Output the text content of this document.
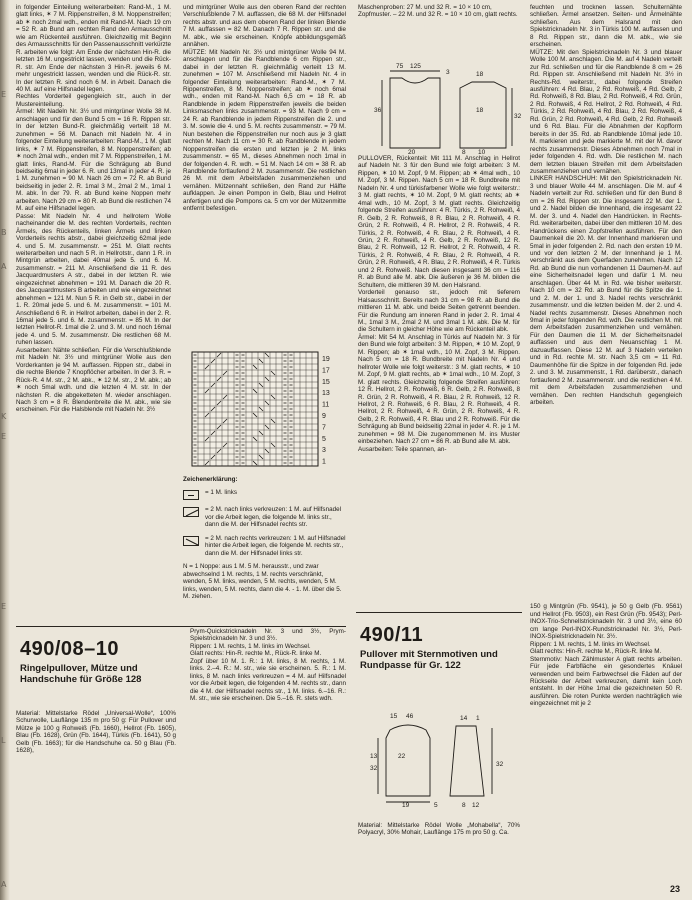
E
B
A
K
E
E
L
A

in folgender Einteilung weiterarbeiten: Rand-M., 1 M. glatt links, ✶ 7 M. Rippenstreifen, 8 M. Noppenstreifen; ab ✶ noch 2mal wdh., enden mit Rand-M. Nach 19 cm = 52 R. ab Bund am rechten Rand den Armausschnitt wie am Rückenteil ausführen. Gleichzeitig mit Beginn des Armausschnitts für den Passenausschnitt verkürzte R. arbeiten wie folgt: Am Ende der nächsten Hin-R. die letzten 16 M. ungestrickt lassen, wenden und die Rück-R. str. Am Ende der nächsten 3 Hin-R. jeweils 6 M. mehr ungestrickt lassen, wenden und die Rück-R. str. In der letzten R. sind noch 6 M. in Arbeit. Danach die 40 M. auf eine Hilfsnadel legen.

Rechtes Vorderteil gegengleich str., auch in der Mustereinteilung.

Ärmel: Mit Nadeln Nr. 3½ und mintgrüner Wolle 38 M. anschlagen und für den Bund 5 cm = 16 R. Rippen str. In der letzten Bund-R. gleichmäßig verteilt 18 M. zunehmen = 56 M. Danach mit Nadeln Nr. 4 in folgender Einteilung weiterarbeiten: Rand-M., 1 M. glatt links, ✶ 7 M. Rippenstreifen, 8 M. Noppenstreifen; ab ✶ noch 2mal wdh., enden mit 7 M. Rippenstreifen, 1 M. glatt links, Rand-M. Für die Schrägung ab Bund beidseitig 6mal in jeder 6. R. und 13mal in jeder 4. R. je 1 M. zunehmen = 90 M. Nach 26 cm = 72 R. ab Bund beidseitig in jeder 2. R. 1mal 3 M., 2mal 2 M., 1mal 1 M. abk. In der 79. R. ab Bund keine Noppen mehr arbeiten. Nach 29 cm = 80 R. ab Bund die restlichen 74 M. auf eine Hilfsnadel legen.

Passe: Mit Nadeln Nr. 4 und hellrotem Wolle nacheinander die M. des rechten Vorderteils, rechten Ärmels, des Rückenteils, linken Ärmels und linken Vorderteils rechts abstr., dabei gleichzeitig 62mal jede 4. und 5. M. zusammenstr. = 251 M. Glatt rechts weiterarbeiten und nach 5 R. in Hellrotstr., dann 1 R. in Mintgrün arbeiten, dabei 40mal jede 5. und 6. M. zusammenstr. = 211 M. Anschließend die 11 R. des Jacquardmusters A str., dabei in der letzten R. wie eingezeichnet abnehmen = 191 M. Danach die 20 R. des Jacquardmusters B arbeiten und wie eingezeichnet abnehmen = 121 M. Nun 5 R. in Gelb str., dabei in der 1. R. 20mal jede 5. und 6. M. zusammenstr. = 101 M. Anschließend 6 R. in Hellrot arbeiten, dabei in der 2. R. 16mal jede 5. und 6. M. zusammenstr. = 85 M. In der letzten Hellrot-R. 1mal die 2. und 3. M. und noch 16mal jede 4. und 5. M. zusammenstr. Die restlichen 68 M. ruhen lassen.

Ausarbeiten: Nähte schließen. Für die Verschlußblende mit Nadeln Nr. 3½ und mintgrüner Wolle aus den Vorderkanten je 94 M. auffassen. Rippen str., dabei in die rechte Blende 7 Knopflöcher arbeiten. In der 3. R. = Rück-R. 4 M. str., 2 M. abk., ✶ 12 M. str., 2 M. abk.; ab ✶ noch 5mal wdh. und die letzten 4 M. str. In der nächsten R. die abgeketteten M. wieder anschlagen. Nach 3 cm = 8 R. Blendenbreite die M. abk., wie sie erscheinen. Für die Halsblende mit Nadeln Nr. 3½

und mintgrüner Wolle aus den oberen Rand der rechten Verschlußblende 7 M. auffassen, die 68 M. der Hilfsnadel rechts abstr. und aus dem oberen Rand der linken Blende 7 M. auffassen = 82 M. Danach 7 R. Rippen str. und die M. abk., wie sie erscheinen. Knöpfe abbildungsgemäß annähen.

MÜTZE: Mit Nadeln Nr. 3½ und mintgrüner Wolle 94 M. anschlagen und für die Randblende 6 cm Rippen str., dabei in der letzten R. gleichmäßig verteilt 13 M. zunehmen = 107 M. Anschließend mit Nadeln Nr. 4 in folgender Einteilung weiterarbeiten: Rand-M., ✶ 7 M. Rippenstreifen, 8 M. Noppenstreifen; ab ✶ noch 6mal wdh., enden mit Rand-M. Nach 6,5 cm = 18 R. ab Randblende in jedem Rippenstreifen jeweils die beiden Linksmaschen links zusammenstr. = 93 M. Nach 9 cm = 24 R. ab Randblende in jedem Rippenstreifen die 2. und 3. M. sowie die 4. und 5. M. rechts zusammenstr. = 79 M. Nun bestehen die Rippenstreifen nur noch aus je 3 glatt rechten M. Nach 11 cm = 30 R. ab Randblende in jedem Noppenstreifen die ersten und letzten je 2 M. links zusammenstr. = 65 M., dieses Abnehmen noch 1mal in der folgenden 4. R. wdh. = 51 M. Nach 14 cm = 38 R. ab Randblende fortlaufend 2 M. zusammenstr. Die restlichen 26 M. mit dem Arbeitsfaden zusammenziehen und vernähen. Mützennaht schließen, den Rand zur Hälfte aufklappen. Je einen Pompon in Gelb, Blau und Hellrot anfertigen und die Pompons ca. 5 cm vor der Mützenmitte entfernt befestigen.

19
17
15
13
11
9
7
5
3
1
Zeichenerklärung:
= 1 M. links
= 2 M. nach links verkreuzen: 1 M. auf Hilfsnadel vor die Arbeit legen, die folgende M. links str., dann die M. der Hilfsnadel rechts str.
= 2 M. nach rechts verkreuzen: 1 M. auf Hilfsnadel hinter die Arbeit legen, die folgende M. rechts str., dann die M. der Hilfsnadel links str.
N = 1 Noppe: aus 1 M. 5 M. herausstr., und zwar abwechselnd 1 M. rechts, 1 M. rechts verschränkt, wenden, 5 M. links, wenden, 5 M. rechts, wenden, 5 M. links, wenden, 5 M. rechts, dann die 4. - 1. M. über die 5. M. ziehen.
Maschenproben: 27 M. und 32 R. = 10 × 10 cm, Zopfmuster. – 22 M. und 32 R. = 10 × 10 cm, glatt rechts.
75 125
36
3	18
32
20	8 10
18

PULLOVER, Rückenteil: Mit 111 M. Anschlag in Hellrot auf Nadeln Nr. 3 für den Bund wie folgt arbeiten: 3 M. Rippen, ✶ 10 M. Zopf, 9 M. Rippen; ab ✶ 4mal wdh., 10 M. Zopf, 3 M. Rippen. Nach 5 cm = 18 R. Bundbreite mit Nadeln Nr. 4 und türkisfarbener Wolle wie folgt weiterstr.: 3 M. glatt rechts, ✶ 10 M. Zopf, 9 M. glatt rechts; ab ✶ 4mal wdh., 10 M. Zopf, 3 M. glatt rechts. Gleichzeitig folgende Streifen ausführen: 4 R. Türkis, 2 R. Rohweiß, 4 R. Gelb, 2 R. Rohweiß, 8 R. Blau, 2 R. Rohweiß, 4 R. Grün, 2 R. Rohweiß, 4 R. Hellrot, 2 R. Rohweiß, 4 R. Türkis, 2 R. Rohweiß, 4 R. Blau, 2 R. Rohweiß, 4 R. Grün, 2 R. Rohweiß, 4 R. Gelb, 2 R. Rohweiß, 12 R. Blau, 2 R. Rohweiß, 12 R. Hellrot, 2 R. Rohweiß, 4 R. Türkis, 2 R. Rohweiß, 4 R. Blau, 2 R. Rohweiß, 4 R. Grün, 2 R. Rohweiß, 4 R. Blau, 2 R. Rohweiß, 4 R. Türkis und 2 R. Rohweiß. Nach diesen insgesamt 36 cm = 116 R. ab Bund alle M. abk. Die äußeren je 36 M. bilden die Schultern, die mittleren 39 M. den Halsrand.

Vorderteil genauso str., jedoch mit tieferem Halsausschnitt. Bereits nach 31 cm = 98 R. ab Bund die mittleren 11 M. abk. und beide Seiten getrennt beenden. Für die Rundung am inneren Rand in jeder 2. R. 1mal 4 M., 1mal 3 M., 2mal 2 M. und 3mal 1 M. abk. Die M. für die Schultern in gleicher Höhe wie am Rückenteil abk.

Ärmel: Mit 54 M. Anschlag in Türkis auf Nadeln Nr. 3 für den Bund wie folgt arbeiten: 3 M. Rippen, ✶ 10 M. Zopf, 9 M. Rippen; ab ✶ 1mal wdh., 10 M. Zopf, 3 M. Rippen. Nach 5 cm = 18 R. Bundbreite mit Nadeln Nr. 4 und hellroter Wolle wie folgt weiterstr.: 3 M. glatt rechts, ✶ 10 M. Zopf, 9 M. glatt rechts, ab ✶ 1mal wdh., 10 M. Zopf, 3 M. glatt rechts. Gleichzeitig folgende Streifen ausführen: 12 R. Hellrot, 2 R. Rohweiß, 6 R. Gelb, 2 R. Rohweiß, 8 R. Grün, 2 R. Rohweiß, 4 R. Blau, 2 R. Rohweiß, 12 R. Hellrot, 2 R. Rohweiß, 6 R. Blau, 2 R. Rohweiß, 4 R. Hellrot, 2 R. Rohweiß, 4 R. Grün, 2 R. Rohweiß, 4 R. Gelb, 2 R. Rohweiß, 4 R. Blau und 2 R. Rohweiß. Für die Schrägung ab Bund beidseitig 22mal in jeder 4. R. je 1 M. zunehmen = 98 M. Die zugenommenen M. ins Muster einbeziehen. Nach 27 cm = 86 R. ab Bund alle M. abk.

Ausarbeiten: Teile spannen, an-

feuchten und trocknen lassen. Schulternähte schließen. Ärmel ansetzen. Seiten- und Ärmelnähte schließen. Aus dem Halsrand mit den Spielstricknadeln Nr. 3 in Türkis 100 M. auffassen und 8 Rd. Rippen str., dann die M. abk., wie sie erscheinen.

MÜTZE: Mit den Spielstricknadeln Nr. 3 und blauer Wolle 100 M. anschlagen. Die M. auf 4 Nadeln verteilt zur Rd. schließen und für die Randblende 8 cm = 26 Rd. Rippen str. Anschließend mit Nadeln Nr. 3½ in Rechts-Rd. weiterstr., dabei folgende Streifen ausführen: 4 Rd. Blau, 2 Rd. Rohweiß, 4 Rd. Gelb, 2 Rd. Rohweiß, 8 Rd. Blau, 2 Rd. Rohweiß, 4 Rd. Grün, 2 Rd. Rohweiß, 4 Rd. Hellrot, 2 Rd. Rohweiß, 4 Rd. Türkis, 2 Rd. Rohweiß, 4 Rd. Blau, 2 Rd. Rohweiß, 4 Rd. Grün, 2 Rd. Rohweiß, 4 Rd. Gelb, 2 Rd. Rohweiß und 6 Rd. Blau. Für die Abnahmen der Kopfform bereits in der 35. Rd. ab Randblende 10mal jede 10. M. markieren und jede markierte M. mit der M. davor rechts zusammenstr. Dieses Abnehmen noch 7mal in jeder folgenden 4. Rd. wdh. Die restlichen M. nach dem letzten blauen Streifen mit dem Arbeitsfaden zusammenziehen und vernähen.

LINKER HANDSCHUH: Mit den Spielstricknadeln Nr. 3 und blauer Wolle 44 M. anschlagen. Die M. auf 4 Nadeln verteilt zur Rd. schließen und für den Bund 8 cm = 26 Rd. Rippen str. Die insgesamt 22 M. der 1. und 2. Nadel bilden die Innenhand, die insgesamt 22 M. der 3. und 4. Nadel den Handrücken. In Rechts-Rd. weiterarbeiten, dabei über den mittleren 10 M. des Handrückens einen Zopfstreifen ausführen. Für den Daumenkeil die 20. M. der Innenhand markieren und 5mal in jeder folgenden 2. Rd. nach den ersten 19 M. und vor den letzten 2 M. der Innenhand je 1 M. verschränkt aus dem Querfaden zunehmen. Nach 12 Rd. ab Bund die nun vorhandenen 11 Daumen-M. auf eine Sicherheitsnadel legen und dafür 1 M. neu anschlagen. Über 44 M. in Rd. wie bisher weiterstr. Nach 10 cm = 32 Rd. ab Bund für die Spitze die 1. und 2. M. der 1. und 3. Nadel rechts verschränkt zusammenstr. und die letzten beiden M. der 2. und 4. Nadel rechts zusammenstr. Dieses Abnehmen noch 9mal in jeder folgenden Rd. wdh. Die restlichen M. mit dem Arbeitsfaden zusammenziehen und vernähen. Für den Daumen die 11 M. der Sicherheitsnadel auffassen und aus dem Neuanschlag 1 M. dazuauffassen. Diese 12 M. auf 3 Nadeln verteilen und in Rd. rechte M. str. Nach 3,5 cm = 11 Rd. Daumenhöhe für die Spitze in der folgenden Rd. jede 2. und 3. M. zusammenstr., 1 Rd. darüberstr., danach fortlaufend 2 M. zusammenstr. und die restlichen 4 M. mit dem Arbeitsfaden zusammenziehen und vernähen. Den rechten Handschuh gegengleich arbeiten.

490/08–10
Ringelpullover, Mütze und Handschuhe für Größe 128
Material: Mittelstarke Rödel „Universal-Wolle“, 100% Schurwolle, Lauflänge 135 m pro 50 g: Für Pullover und Mütze je 100 g Rohweiß (Fb. 1660), Hellrot (Fb. 1605), Blau (Fb. 1628), Grün (Fb. 1644), Türkis (Fb. 1641), 50 g Gelb (Fb. 1663); für die Handschuhe ca. 50 g Blau (Fb. 1628),

Prym-Quickstricknadeln Nr. 3 und 3½, Prym-Spielstricknadeln Nr. 3 und 3½.

Rippen: 1 M. rechts, 1 M. links im Wechsel.

Glatt rechts: Hin-R. rechte M., Rück-R. linke M.

Zopf über 10 M. 1. R.: 1 M. links, 8 M. rechts, 1 M. links. 2.–4. R.: M. str., wie sie erscheinen. 5. R.: 1 M. links, 8 M. nach links verkreuzen = 4 M. auf Hilfsnadel vor die Arbeit legen, die folgenden 4 M. rechts str., dann die 4 M. der Hilfsnadel rechts str., 1 M. links. 6.–16. R.: M. str., wie sie erscheinen. Die 5.–16. R. stets wdh.

490/11
Pullover mit Sternmotiven und Rundpasse für Gr. 122
15 46	14 1
13
32
22
19	5	8 12
32
Material: Mittelstarke Rödel Wolle „Mohabella“, 70% Polyacryl, 30% Mohair, Lauflänge 175 m pro 50 g. Ca.

150 g Mintgrün (Fb. 9541), je 50 g Gelb (Fb. 9561) und Hellrot (Fb. 9503), ein Rest Grün (Fb. 9543); Perl-INOX-Trio-Schnellstricknadeln Nr. 3 und 3½, eine 60 cm lange Perl-INOX-Rundstricknadel Nr. 3½, Perl-INOX-Spielstricknadeln Nr. 3½.
Rippen: 1 M. rechts, 1 M. links im Wechsel.
Glatt rechts: Hin-R. rechte M., Rück-R. linke M.
Sternmotiv: Nach Zählmuster A glatt rechts arbeiten. Für jede Farbfläche ein gesondertes Knäuel verwenden und beim Farbwechsel die Fäden auf der Rückseite der Arbeit verkreuzen, damit kein Loch entsteht. In der Höhe 1mal die gezeichneten 50 R. ausführen. Die roten Punkte werden nachträglich wie eingezeichnet mit je 2

23
